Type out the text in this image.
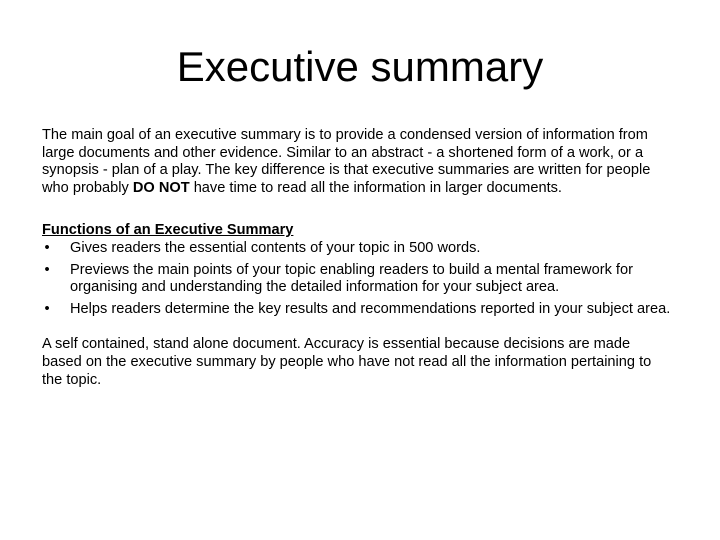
Executive summary

The main goal of an executive summary is to provide a condensed version of information from large documents and other evidence. Similar to an abstract - a shortened form of a work, or a synopsis - plan of a play. The key difference is that executive summaries are written for people who probably DO NOT have time to read all the information in larger documents.

Functions of an Executive Summary

• Gives readers the essential contents of your topic in 500 words.
• Previews the main points of your topic enabling readers to build a mental framework for organising and understanding the detailed information for your subject area.
• Helps readers determine the key results and recommendations reported in your subject area.

A self contained, stand alone document. Accuracy is essential because decisions are made based on the executive summary by people who have not read all the information pertaining to the topic.
